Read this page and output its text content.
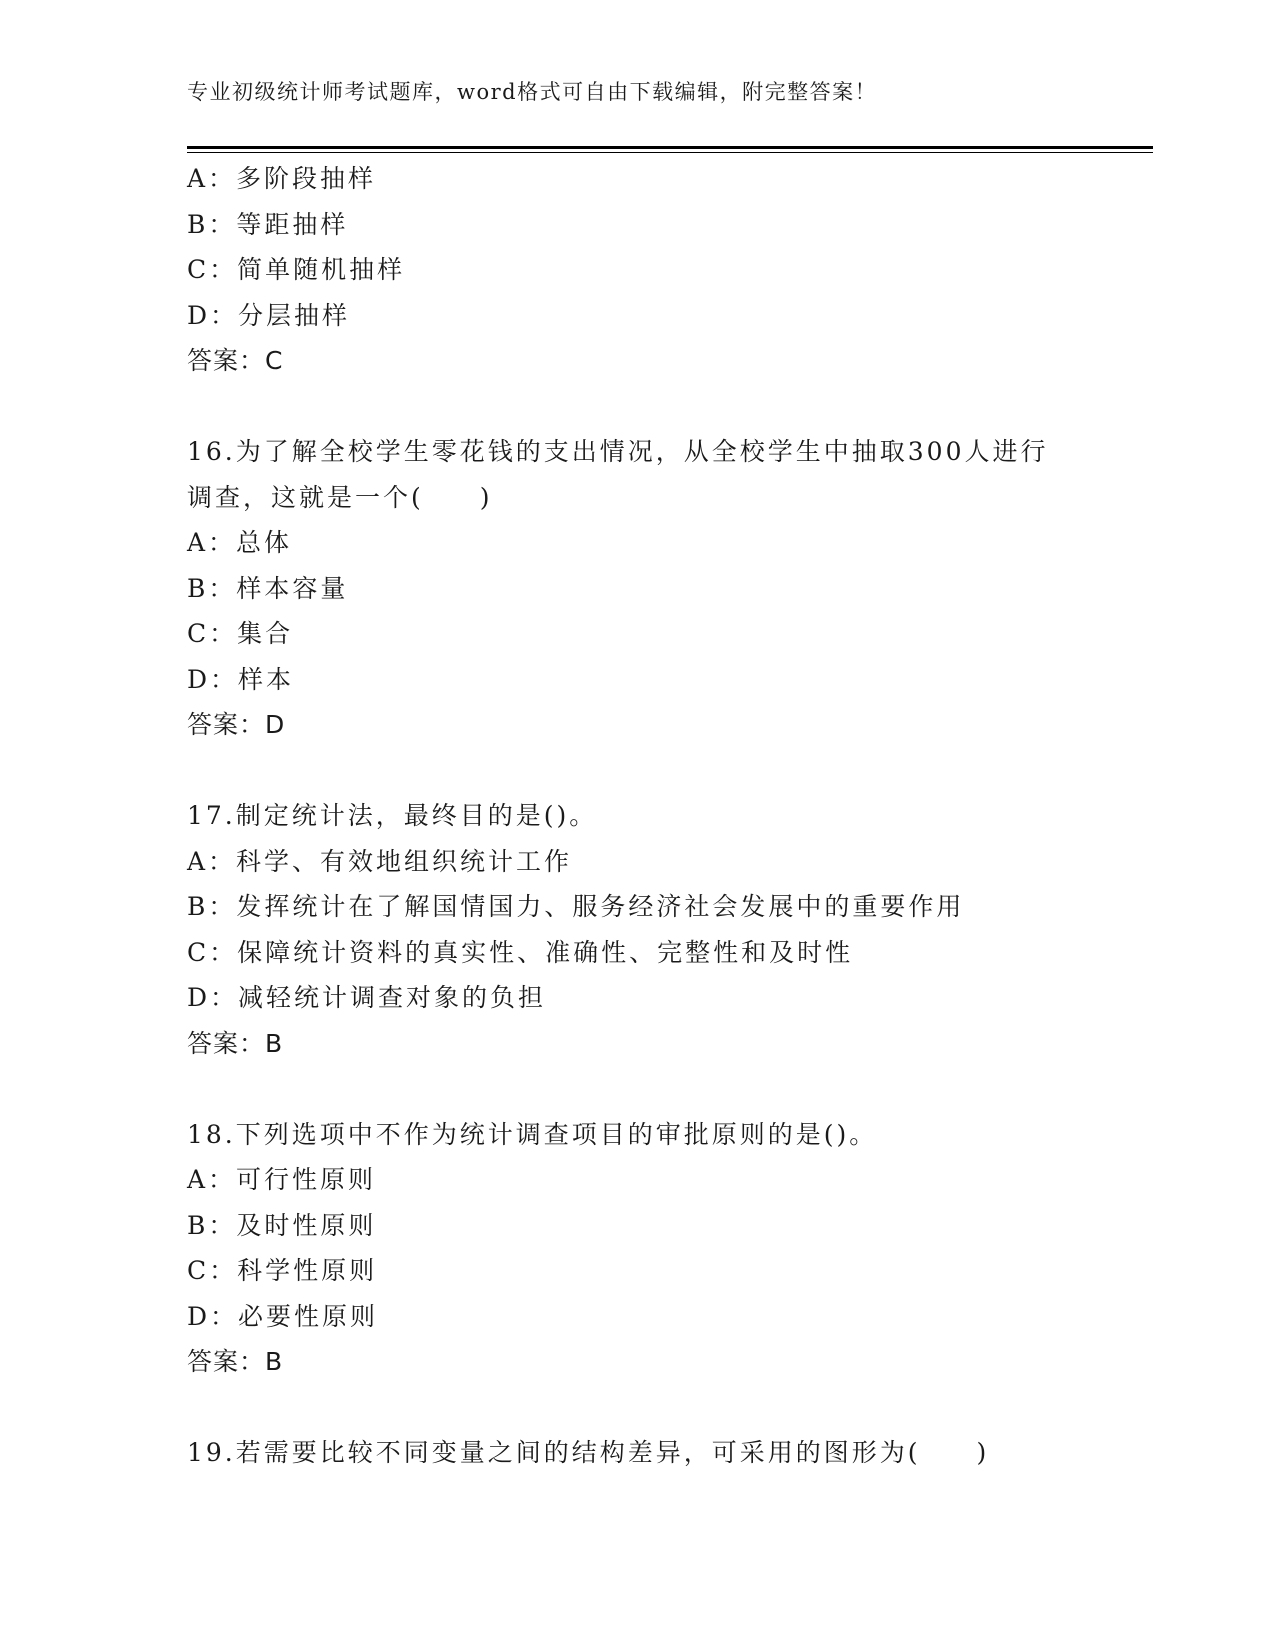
专业初级统计师考试题库，word格式可自由下载编辑，附完整答案！
A：多阶段抽样
B：等距抽样
C：简单随机抽样
D：分层抽样
答案：C
16.为了解全校学生零花钱的支出情况，从全校学生中抽取300人进行
调查，这就是一个(　　)
A：总体
B：样本容量
C：集合
D：样本
答案：D
17.制定统计法，最终目的是()。
A：科学、有效地组织统计工作
B：发挥统计在了解国情国力、服务经济社会发展中的重要作用
C：保障统计资料的真实性、准确性、完整性和及时性
D：减轻统计调查对象的负担
答案：B
18.下列选项中不作为统计调查项目的审批原则的是()。
A：可行性原则
B：及时性原则
C：科学性原则
D：必要性原则
答案：B
19.若需要比较不同变量之间的结构差异，可采用的图形为(　　)
